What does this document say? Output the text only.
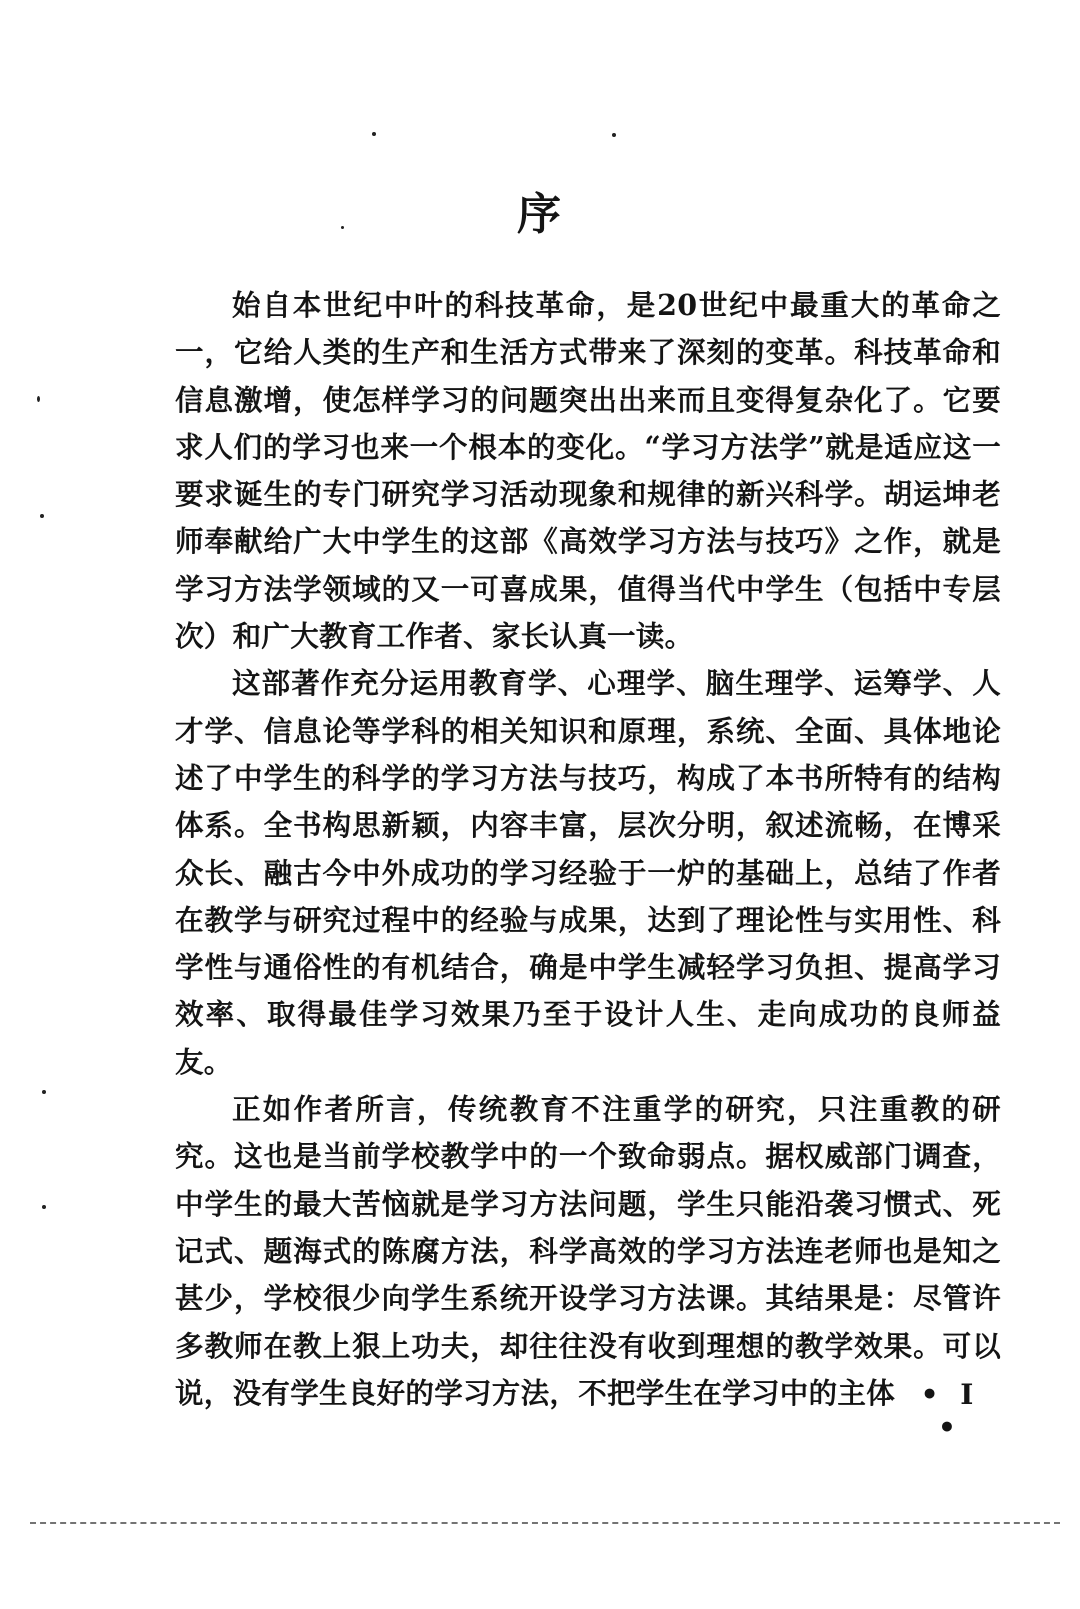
序

始自本世纪中叶的科技革命，是20世纪中最重大的革命之一，它给人类的生产和生活方式带来了深刻的变革。科技革命和信息激增，使怎样学习的问题突出出来而且变得复杂化了。它要求人们的学习也来一个根本的变化。“学习方法学”就是适应这一要求诞生的专门研究学习活动现象和规律的新兴科学。胡运坤老师奉献给广大中学生的这部《高效学习方法与技巧》之作，就是学习方法学领域的又一可喜成果，值得当代中学生（包括中专层次）和广大教育工作者、家长认真一读。

这部著作充分运用教育学、心理学、脑生理学、运筹学、人才学、信息论等学科的相关知识和原理，系统、全面、具体地论述了中学生的科学的学习方法与技巧，构成了本书所特有的结构体系。全书构思新颖，内容丰富，层次分明，叙述流畅，在博采众长、融古今中外成功的学习经验于一炉的基础上，总结了作者在教学与研究过程中的经验与成果，达到了理论性与实用性、科学性与通俗性的有机结合，确是中学生减轻学习负担、提高学习效率、取得最佳学习效果乃至于设计人生、走向成功的良师益友。

正如作者所言，传统教育不注重学的研究，只注重教的研究。这也是当前学校教学中的一个致命弱点。据权威部门调查，中学生的最大苦恼就是学习方法问题，学生只能沿袭习惯式、死记式、题海式的陈腐方法，科学高效的学习方法连老师也是知之甚少，学校很少向学生系统开设学习方法课。其结果是：尽管许多教师在教上狠上功夫，却往往没有收到理想的教学效果。可以说，没有学生良好的学习方法，不把学生在学习中的主体 • I •
